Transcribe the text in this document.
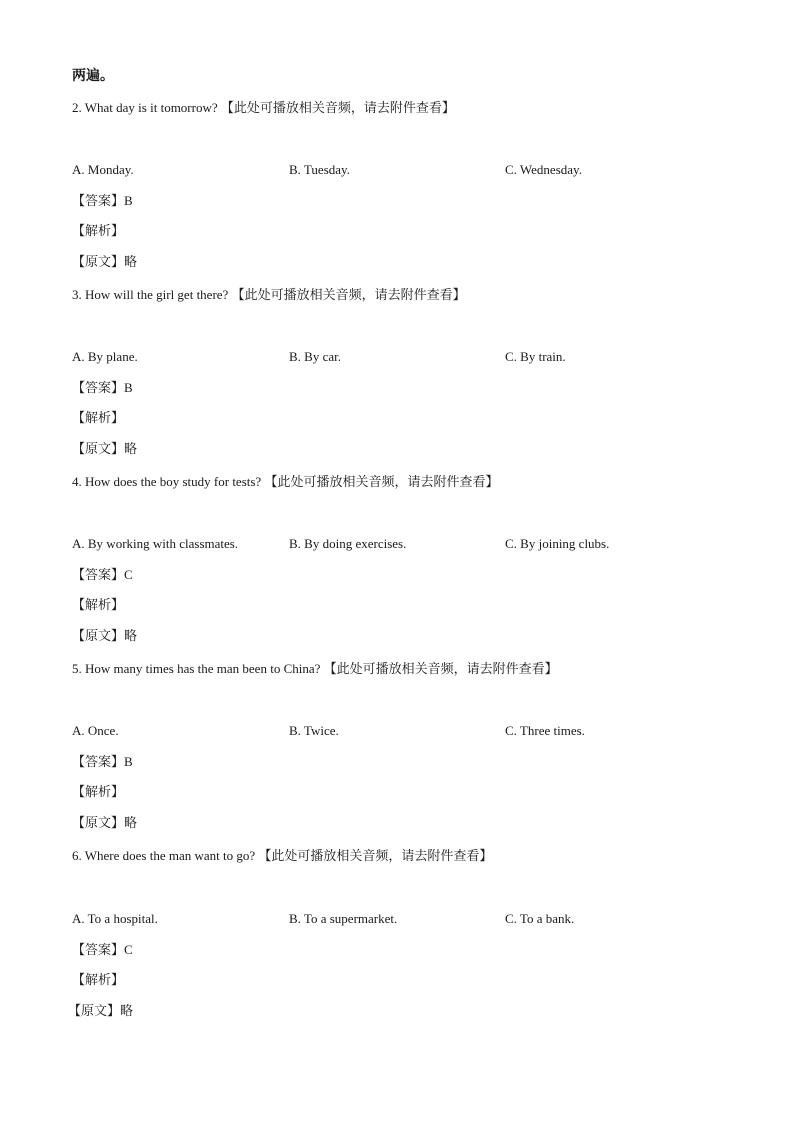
两遍。
2. What day is it tomorrow? 【此处可播放相关音频，请去附件查看】
A. Monday.	B. Tuesday.	C. Wednesday.
【答案】B
【解析】
【原文】略
3. How will the girl get there? 【此处可播放相关音频，请去附件查看】
A. By plane.	B. By car.	C. By train.
【答案】B
【解析】
【原文】略
4. How does the boy study for tests? 【此处可播放相关音频，请去附件查看】
A. By working with classmates.	B. By doing exercises.	C. By joining clubs.
【答案】C
【解析】
【原文】略
5. How many times has the man been to China? 【此处可播放相关音频，请去附件查看】
A. Once.	B. Twice.	C. Three times.
【答案】B
【解析】
【原文】略
6. Where does the man want to go? 【此处可播放相关音频，请去附件查看】
A. To a hospital.	B. To a supermarket.	C. To a bank.
【答案】C
【解析】
【原文】略
